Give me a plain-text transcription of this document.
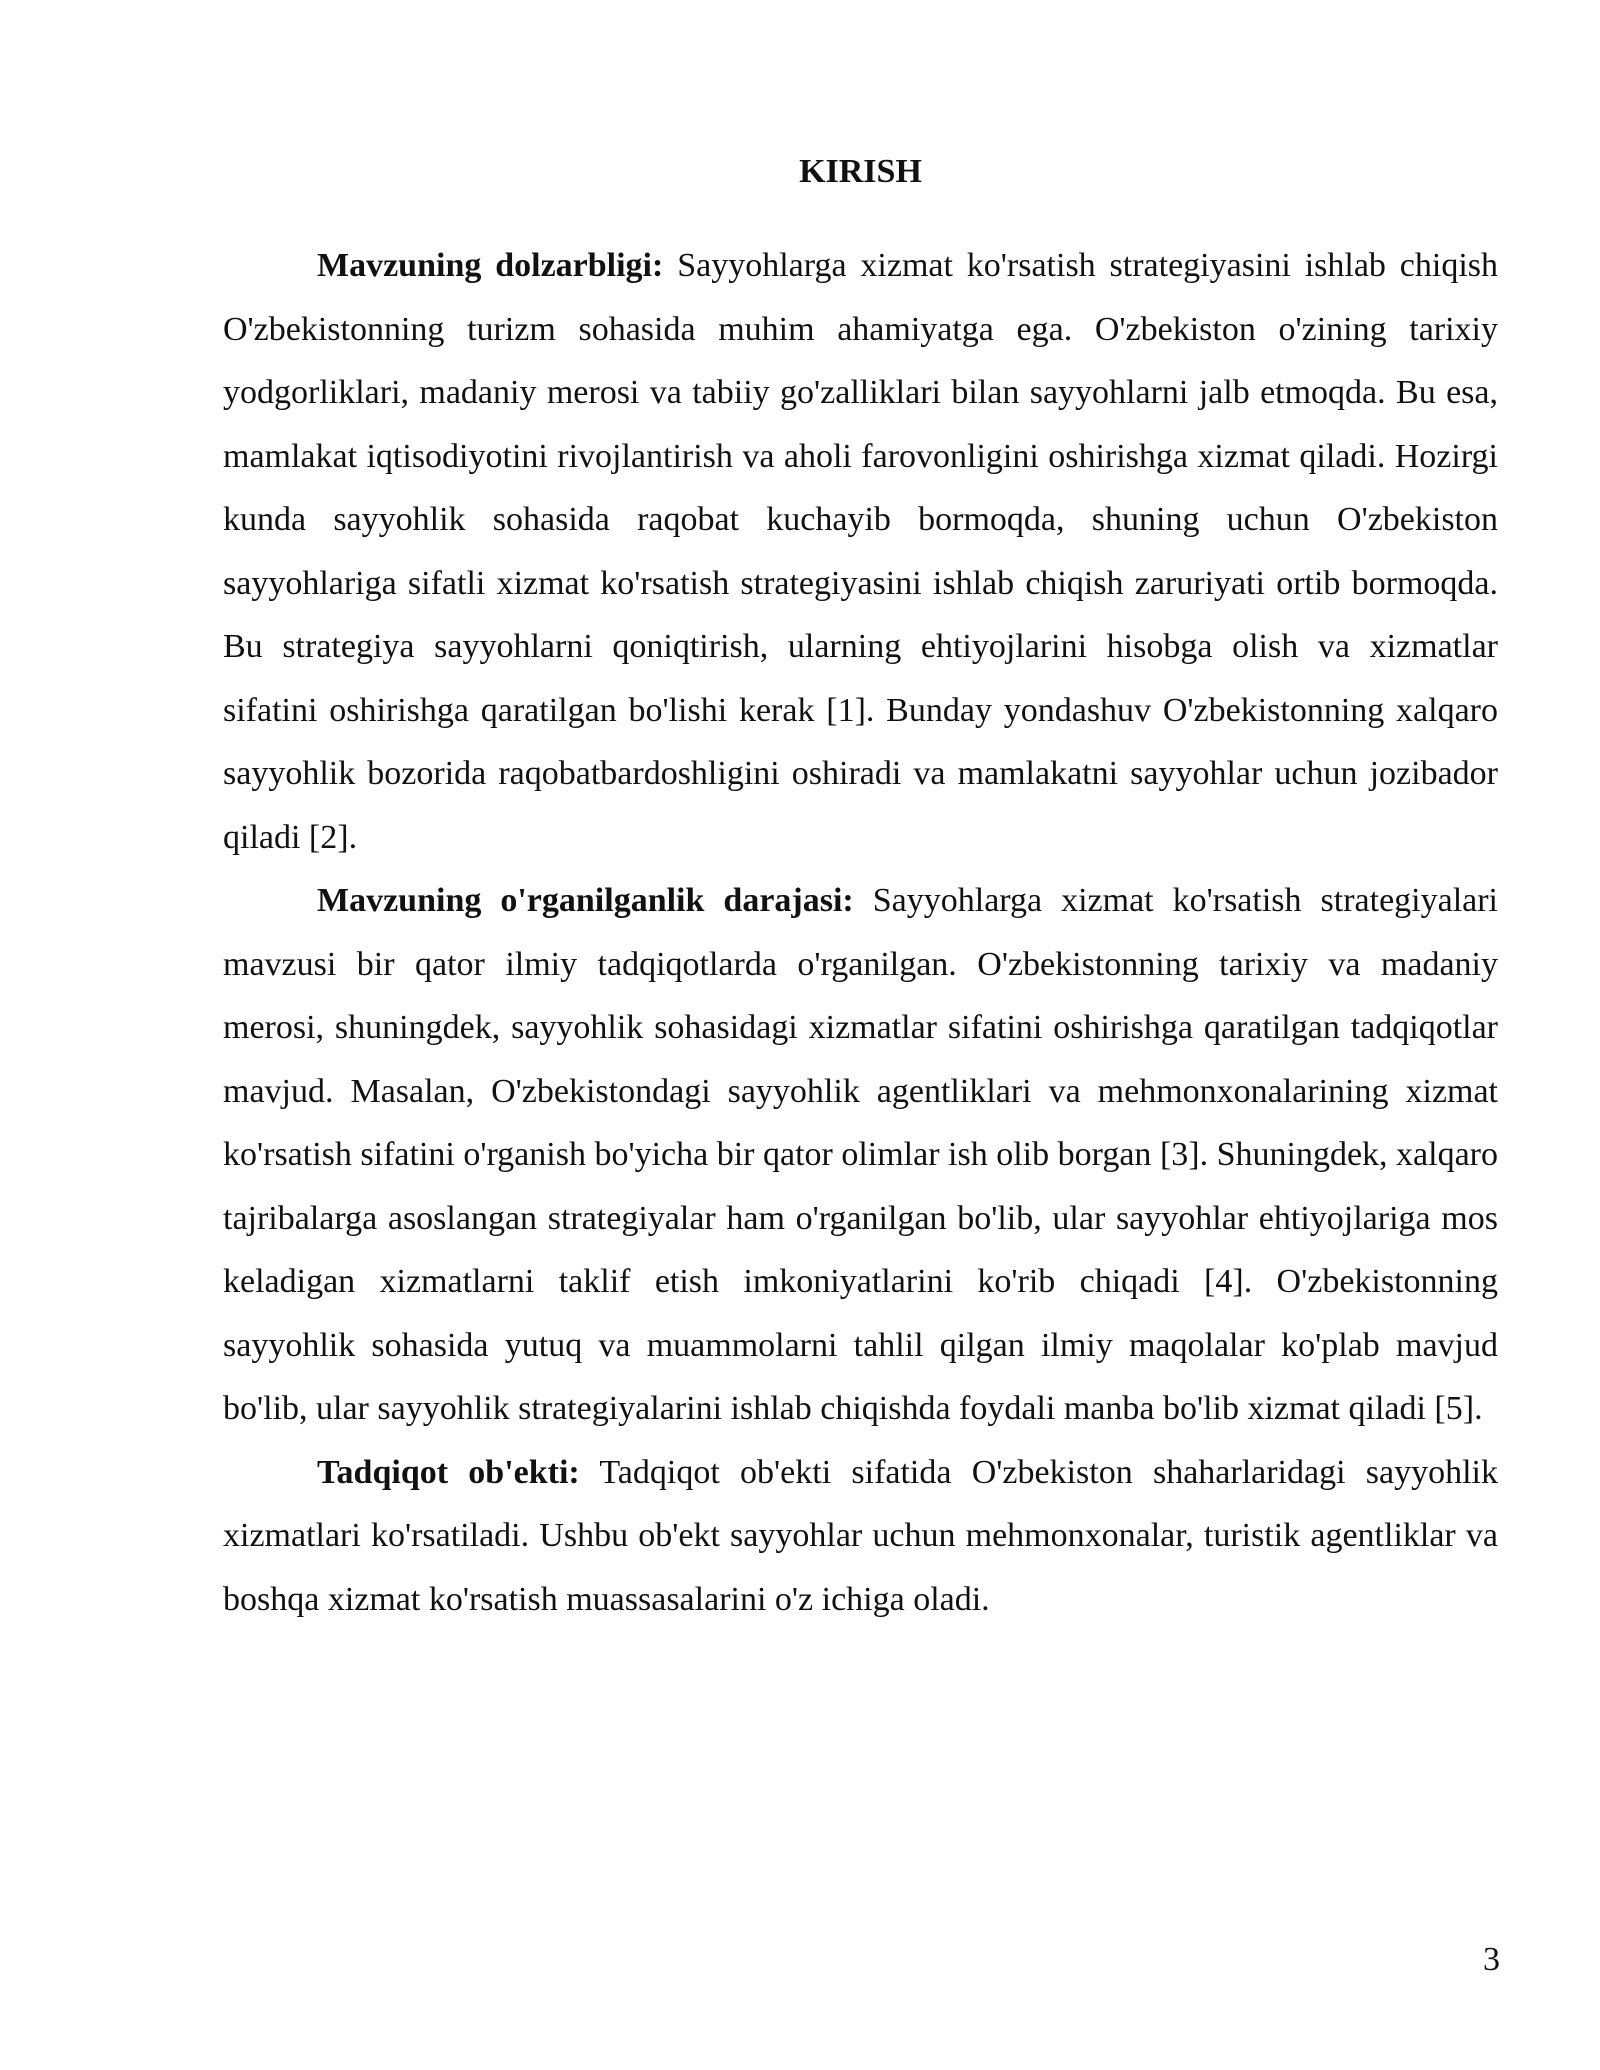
KIRISH

Mavzuning dolzarbligi: Sayyohlarga xizmat ko'rsatish strategiyasini ishlab chiqish O'zbekistonning turizm sohasida muhim ahamiyatga ega. O'zbekiston o'zining tarixiy yodgorliklari, madaniy merosi va tabiiy go'zalliklari bilan sayyohlarni jalb etmoqda. Bu esa, mamlakat iqtisodiyotini rivojlantirish va aholi farovonligini oshirishga xizmat qiladi. Hozirgi kunda sayyohlik sohasida raqobat kuchayib bormoqda, shuning uchun O'zbekiston sayyohlariga sifatli xizmat ko'rsatish strategiyasini ishlab chiqish zaruriyati ortib bormoqda. Bu strategiya sayyohlarni qoniqtirish, ularning ehtiyojlarini hisobga olish va xizmatlar sifatini oshirishga qaratilgan bo'lishi kerak [1]. Bunday yondashuv O'zbekistonning xalqaro sayyohlik bozorida raqobatbardoshligini oshiradi va mamlakatni sayyohlar uchun jozibador qiladi [2].

Mavzuning o'rganilganlik darajasi: Sayyohlarga xizmat ko'rsatish strategiyalari mavzusi bir qator ilmiy tadqiqotlarda o'rganilgan. O'zbekistonning tarixiy va madaniy merosi, shuningdek, sayyohlik sohasidagi xizmatlar sifatini oshirishga qaratilgan tadqiqotlar mavjud. Masalan, O'zbekistondagi sayyohlik agentliklari va mehmonxonalarining xizmat ko'rsatish sifatini o'rganish bo'yicha bir qator olimlar ish olib borgan [3]. Shuningdek, xalqaro tajribalarga asoslangan strategiyalar ham o'rganilgan bo'lib, ular sayyohlar ehtiyojlariga mos keladigan xizmatlarni taklif etish imkoniyatlarini ko'rib chiqadi [4]. O'zbekistonning sayyohlik sohasida yutuq va muammolarni tahlil qilgan ilmiy maqolalar ko'plab mavjud bo'lib, ular sayyohlik strategiyalarini ishlab chiqishda foydali manba bo'lib xizmat qiladi [5].

Tadqiqot ob'ekti: Tadqiqot ob'ekti sifatida O'zbekiston shaharlaridagi sayyohlik xizmatlari ko'rsatiladi. Ushbu ob'ekt sayyohlar uchun mehmonxonalar, turistik agentliklar va boshqa xizmat ko'rsatish muassasalarini o'z ichiga oladi.

3
